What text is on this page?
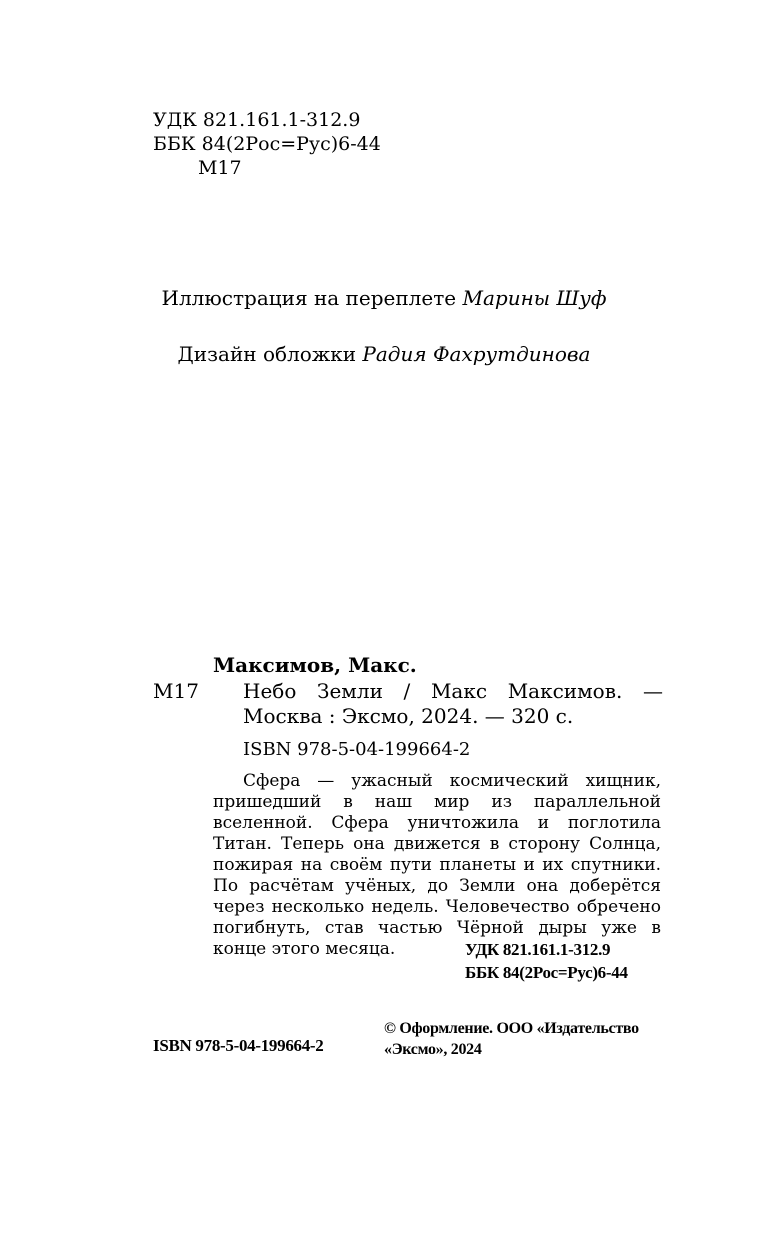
УДК 821.161.1-312.9
ББК 84(2Рос=Рус)6-44
М17
Иллюстрация на переплете Марины Шуф
Дизайн обложки Радия Фахрутдинова
Максимов, Макс.
М17 Небо Земли / Макс Максимов. — Москва : Эксмо, 2024. — 320 с.
ISBN 978-5-04-199664-2
Сфера — ужасный космический хищник, пришедший в наш мир из параллельной вселенной. Сфера уничтожила и поглотила Титан. Теперь она движется в сторону Солнца, пожирая на своём пути планеты и их спутники. По расчётам учёных, до Земли она доберётся через несколько недель. Человечество обречено погибнуть, став частью Чёрной дыры уже в конце этого месяца.	УДК 821.161.1-312.9
ББК 84(2Рос=Рус)6-44
ISBN 978-5-04-199664-2
© Оформление. ООО «Издательство «Эксмо», 2024
